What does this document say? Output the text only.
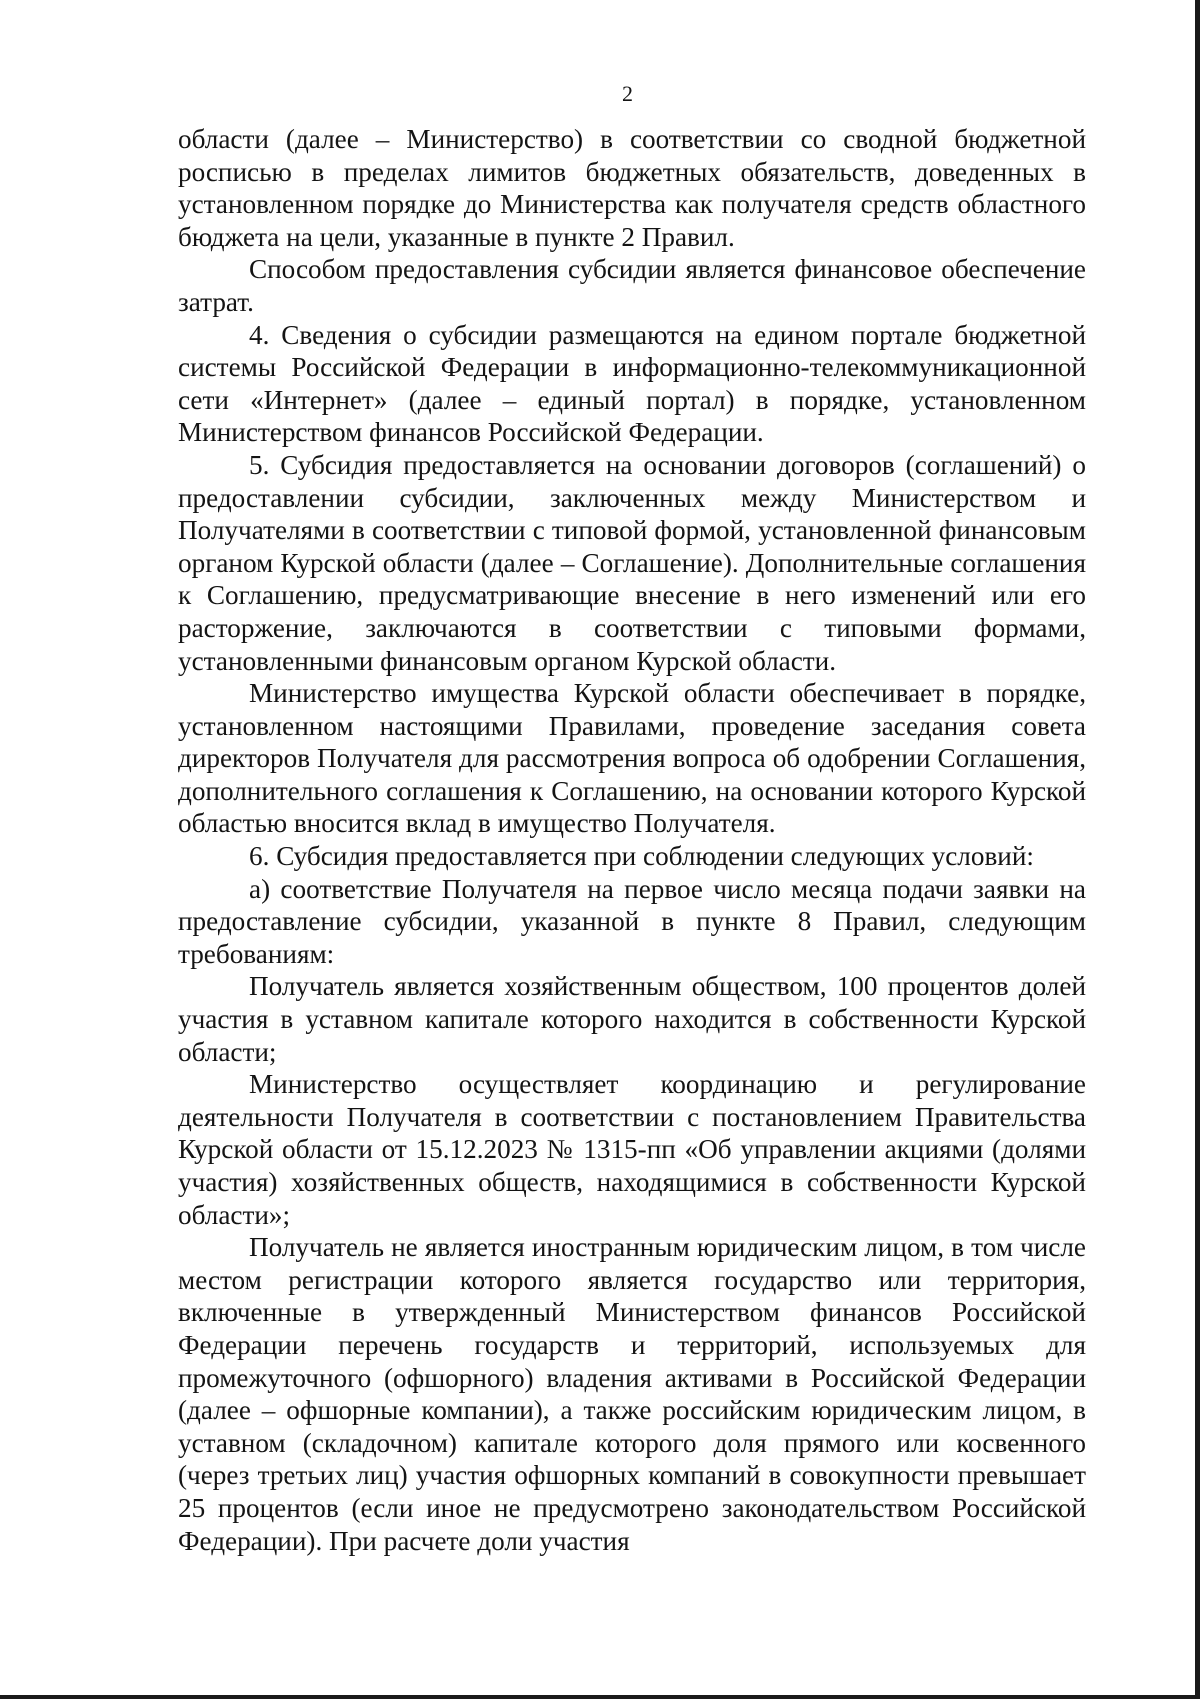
2

области (далее – Министерство) в соответствии со сводной бюджетной росписью в пределах лимитов бюджетных обязательств, доведенных в установленном порядке до Министерства как получателя средств областного бюджета на цели, указанные в пункте 2 Правил.

Способом предоставления субсидии является финансовое обеспечение затрат.

4. Сведения о субсидии размещаются на едином портале бюджетной системы Российской Федерации в информационно-телекоммуникационной сети «Интернет» (далее – единый портал) в порядке, установленном Министерством финансов Российской Федерации.

5. Субсидия предоставляется на основании договоров (соглашений) о предоставлении субсидии, заключенных между Министерством и Получателями в соответствии с типовой формой, установленной финансовым органом Курской области (далее – Соглашение). Дополнительные соглашения к Соглашению, предусматривающие внесение в него изменений или его расторжение, заключаются в соответствии с типовыми формами, установленными финансовым органом Курской области.

Министерство имущества Курской области обеспечивает в порядке, установленном настоящими Правилами, проведение заседания совета директоров Получателя для рассмотрения вопроса об одобрении Соглашения, дополнительного соглашения к Соглашению, на основании которого Курской областью вносится вклад в имущество Получателя.

6. Субсидия предоставляется при соблюдении следующих условий:

а) соответствие Получателя на первое число месяца подачи заявки на предоставление субсидии, указанной в пункте 8 Правил, следующим требованиям:

Получатель является хозяйственным обществом, 100 процентов долей участия в уставном капитале которого находится в собственности Курской области;

Министерство осуществляет координацию и регулирование деятельности Получателя в соответствии с постановлением Правительства Курской области от 15.12.2023 № 1315-пп «Об управлении акциями (долями участия) хозяйственных обществ, находящимися в собственности Курской области»;

Получатель не является иностранным юридическим лицом, в том числе местом регистрации которого является государство или территория, включенные в утвержденный Министерством финансов Российской Федерации перечень государств и территорий, используемых для промежуточного (офшорного) владения активами в Российской Федерации (далее – офшорные компании), а также российским юридическим лицом, в уставном (складочном) капитале которого доля прямого или косвенного (через третьих лиц) участия офшорных компаний в совокупности превышает 25 процентов (если иное не предусмотрено законодательством Российской Федерации). При расчете доли участия
